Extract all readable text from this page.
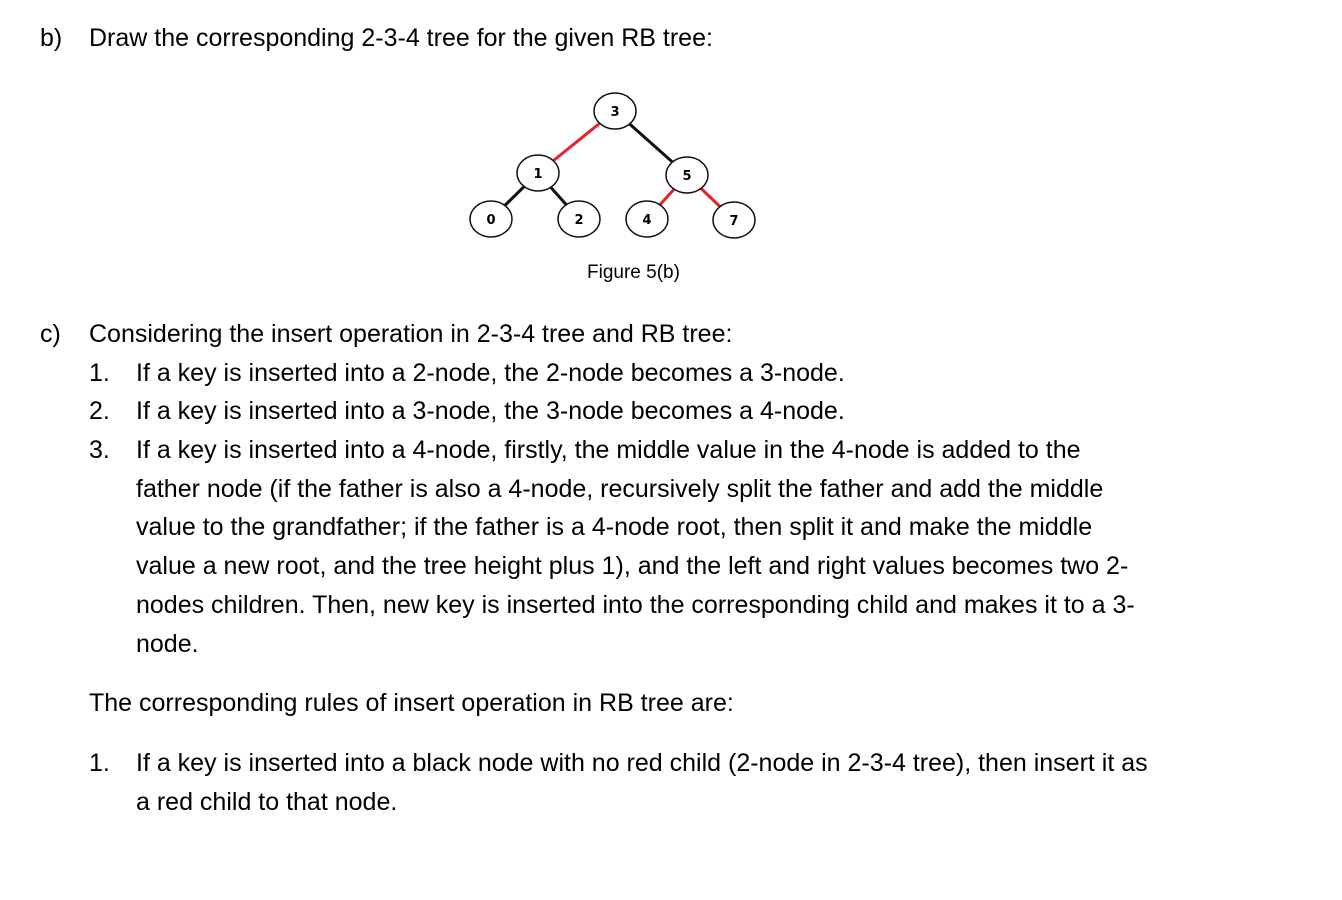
b) Draw the corresponding 2-3-4 tree for the given RB tree:
3
1	5
0	2	4	7
Figure 5(b)
c) Considering the insert operation in 2-3-4 tree and RB tree:
1. If a key is inserted into a 2-node, the 2-node becomes a 3-node.
2. If a key is inserted into a 3-node, the 3-node becomes a 4-node.
3. If a key is inserted into a 4-node, firstly, the middle value in the 4-node is added to the
father node (if the father is also a 4-node, recursively split the father and add the middle
value to the grandfather; if the father is a 4-node root, then split it and make the middle
value a new root, and the tree height plus 1), and the left and right values becomes two 2-
nodes children. Then, new key is inserted into the corresponding child and makes it to a 3-
node.
The corresponding rules of insert operation in RB tree are:
1. If a key is inserted into a black node with no red child (2-node in 2-3-4 tree), then insert it as
a red child to that node.
